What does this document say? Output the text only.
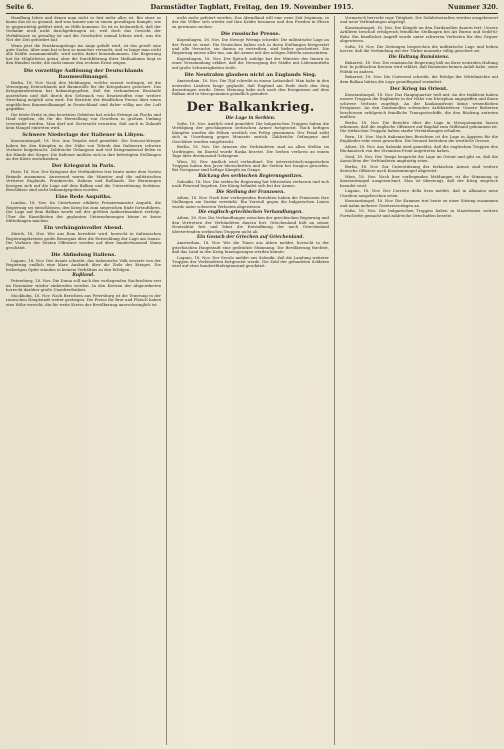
Seite 6.	Darmstädter Tagblatt, Freitag, den 19. November 1915.	Nummer 320.

Handlung leben und denen man nicht so fast mehr alles ist. Bei einer so kaum das ist so gesund, und was konnte uns in einem gewaltigen Kampfe, wie er gegenwärtig geführt wird, zu Hilfe kommen. So ist es bedauerlich, daß der Gedanke noch nicht durchgedrungen ist, weil doch das Gewicht der Verhältnisse so gewaltig ist und die Geschichte einmal lehren wird, was die Not der Zeit gefordert hat.

Wenn jetzt die Ernährungsfrage ins Auge gefaßt wird, ist das gewiß eine gute Sache. Aber man hat schon so manches versucht, und so lange man nicht alle Kräfte zusammenfaßt, wird nichts dabei herauskommen. Die Regierung hat ihr Möglichstes getan, aber die Durchführung ihrer Maßnahmen liegt in den Händen vieler, die nicht immer den rechten Ernst zeigen.

Die vorzeitige Auflösung der Deutschlands Baumwollmangel.

Berlin, 18. Nov. Nach den Meldungen, welche zurzeit vorliegen, ist die Versorgung Deutschlands mit Baumwolle für die Kriegsdauer gesichert. Das Kriegsministerium hat bekanntgegeben, daß die vorhandenen Bestände ausreichen und daß durch den Gebrauch von Ersatzstoffen eine weitere Streckung möglich sein wird. Die Berichte der feindlichen Presse über einen angeblichen Baumwollmangel in Deutschland sind daher völlig aus der Luft gegriffen.

Die letzte Ernte in den besetzten Gebieten hat reiche Erträge an Flachs und Hanf ergeben, die für die Herstellung von Geweben in großem Umfang verwendet werden. Man darf mit Zuversicht erwarten, daß auch in Zukunft kein Mangel eintreten wird.

Schwere Niederlage der Italiener in Libyen.

Konstantinopel, 18. Nov. Aus Tripolis wird gemeldet: Die Senussi-Krieger haben bei den Kämpfen in der Nähe von Tobruk den Italienern schwere Verluste beigebracht. Zahlreiche Gefangene und viel Kriegsmaterial fielen in die Hände der Sieger. Die Italiener mußten sich in ihre befestigten Stellungen an der Küste zurückziehen.

Der Kriegsrat in Paris.

Paris, 18. Nov. Der Kriegsrat der Verbündeten trat heute unter dem Vorsitz Briands zusammen. Anwesend waren die Minister und die militärischen Vertreter Englands, Frankreichs, Italiens und Rußlands. Die Beratungen bezogen sich auf die Lage auf dem Balkan und die Unterstützung Serbiens. Beschlüsse sind nicht bekanntgegeben worden.

Eine Rede Asquiths.

London, 18. Nov. Im Unterhause erklärte Premierminister Asquith, die Regierung sei entschlossen, den Krieg bis zum siegreichen Ende fortzuführen. Die Lage auf dem Balkan werde mit der größten Aufmerksamkeit verfolgt. Über die Einzelheiten der geplanten Unternehmungen könne er keine Mitteilungen machen.

Ein verhängnisvoller Abend.

Zürich, 18. Nov. Wie aus Rom berichtet wird, herrscht in italienischen Regierungskreisen große Besorgnis über die Entwicklung der Lage am Isonzo. Die Verluste der letzten Offensive werden auf über hunderttausend Mann geschätzt.

Die Abfindung Italiens.

Lugano, 18. Nov. Der Avanti schreibt, das italienische Volk erwarte von der Regierung endlich eine klare Auskunft über die Ziele des Krieges. Die bisherigen Opfer ständen in keinem Verhältnis zu den Erfolgen.

Rußland.

Petersburg, 18. Nov. Die Duma soll nach den vorliegenden Nachrichten erst im Dezember wieder einberufen werden. In den Kreisen der Abgeordneten herrscht darüber große Unzufriedenheit.

Stockholm, 18. Nov. Nach Berichten aus Petersburg ist die Teuerung in der russischen Hauptstadt weiter gestiegen. Die Preise für Brot und Fleisch haben eine Höhe erreicht, die für weite Kreise der Bevölkerung unerschwinglich ist.

nicht mehr gefeiert werden. Das Abendland will eine neue Zeit beginnen, in der die Völker sich wieder auf ihre Kräfte besinnen und den Frieden in Ehren zu gewinnen suchen.

Die russische Presse.

Kopenhagen, 18. Nov. Die Nowoje Wremja schreibt: Die militärische Lage an der Front ist ernst. Die Deutschen haben sich in ihren Stellungen festgesetzt und alle Versuche, sie daraus zu vertreiben, sind bisher gescheitert. Die Regierung müsse alles tun, um die Armee mit den nötigen Mitteln auszustatten.

Kopenhagen, 18. Nov. Der Rjetsch zufolge hat der Minister des Innern in einer Versammlung erklärt, daß die Versorgung der Städte mit Lebensmitteln auf große Schwierigkeiten stoße.

Die Neutralen glauben nicht an Englands Sieg.

Amsterdam, 18. Nov. Die Tijd schreibt in einem Leitartikel: Man habe in den neutralen Ländern lange geglaubt, daß England am Ende doch den Sieg davontragen werde. Diese Meinung habe sich nach den Ereignissen auf dem Balkan und in Mesopotamien gründlich geändert.

Der Balkankrieg.
Die Lage in Serbien.

Sofia, 18. Nov. Amtlich wird gemeldet: Die bulgarischen Truppen haben die Verfolgung der geschlagenen serbischen Armee fortgesetzt. Nach heftigen Kämpfen wurden die Höhen westlich von Prilep genommen. Der Feind zieht sich in Unordnung gegen Monastir zurück. Zahlreiche Gefangene und Geschütze wurden eingebracht.

Berlin, 18. Nov. Die Armeen der Verbündeten sind an allen Stellen im Vordringen. Im Ibartal wurde Raska besetzt. Die Serben verloren an einem Tage über dreitausend Gefangene.

Wien, 18. Nov. Amtlich wird verlautbart: Die österreichisch-ungarischen Truppen haben den Javor überschritten und die Serben bei Ivanjica geworfen. Bei Novipazar sind heftige Kämpfe im Gange.

Rückzug des serbischen Regierungssitzes.

Saloniki, 18. Nov. Die serbische Regierung hat Mitrowitza verlassen und sich nach Prisrend begeben. Der König befindet sich bei der Armee.

Die Stellung der Franzosen.

Athen, 18. Nov. Nach hier vorliegenden Berichten haben die Franzosen ihre Stellungen am Vardar verstärkt. Ein Vorstoß gegen die bulgarischen Linien wurde unter schweren Verlusten abgewiesen.

Die englisch-griechischen Verhandlungen.

Athen, 18. Nov. Die Verhandlungen zwischen der griechischen Regierung und den Vertretern der Verbündeten dauern fort. Griechenland hält an seiner Neutralität fest und lehnt die Entwaffnung der nach Griechenland übertretenden serbischen Truppen nicht ab.

Ein Gesuch der Griechen auf Griechenland.

Amsterdam, 18. Nov. Wie die Times aus Athen meldet, herrscht in der griechischen Hauptstadt eine gedrückte Stimmung. Die Bevölkerung fürchtet, daß das Land in den Krieg hineingezogen werden könnte.

Lugano, 18. Nov. Der Secolo meldet aus Saloniki, daß die Landung weiterer Truppen der Verbündeten fortgesetzt werde. Die Zahl der gelandeten Soldaten wird auf etwa hundertfünfzigtausend geschätzt.

Vormarsch herrscht rege Tätigkeit. Die Zufahrtsstraßen werden ausgebessert und neue Verbindungen angelegt.

Konstantinopel, 18. Nov. Die Kämpfe an den Dardanellen dauern fort. Unsere Artillerie beschoß erfolgreich feindliche Stellungen bei Ari Burnu und Sedd-ül-Bahr. Ein feindlicher Angriff wurde unter schweren Verlusten für den Gegner abgewiesen.

Sofia, 18. Nov. Die Zeitungen besprechen die militärische Lage und heben hervor, daß die Verbindung mit der Türkei nunmehr völlig gesichert sei.

Die Haltung Rumäniens.

Bukarest, 18. Nov. Die rumänische Regierung hält an ihrer neutralen Haltung fest. In politischen Kreisen wird erklärt, daß Rumänien keinen Anlaß habe, seine Politik zu ändern.

Bukarest, 18. Nov. Die Universul schreibt, die Erfolge der Mittelmächte auf dem Balkan hätten die Lage grundlegend verändert.

Der Krieg im Orient.

Konstantinopel, 18. Nov. Das Hauptquartier teilt mit: An der Irakfront haben unsere Truppen die Engländer in der Nähe von Ktesiphon angegriffen und ihnen schwere Verluste zugefügt. An der Kaukasusfront keine wesentlichen Ereignisse. An den Dardanellen schwaches Artilleriefeuer. Unsere Batterien beschossen erfolgreich feindliche Transportschiffe, die den Rückzug antreten mußten.

Berlin, 18. Nov. Die Berichte über die Lage in Mesopotamien lassen erkennen, daß die englische Offensive auf Bagdad zum Stillstand gekommen ist. Die türkischen Truppen haben starke Verstärkungen erhalten.

Bern, 18. Nov. Nach italienischen Berichten ist die Lage in Ägypten für die Engländer sehr ernst geworden. Die Senussi bedrohen die westliche Grenze.

Athen, 18. Nov. Aus Saloniki wird gemeldet, daß die englischen Truppen den Rückmarsch von der Strumitza-Front angetreten haben.

Genf, 18. Nov. Der Temps bespricht die Lage im Orient und gibt zu, daß die Aussichten der Verbündeten ungünstig seien.

Berlin, 18. Nov. Zur Unterstützung der türkischen Armee sind weitere deutsche Offiziere nach Konstantinopel abgereist.

Wien, 18. Nov. Nach hier vorliegenden Meldungen ist die Stimmung in Konstantinopel ausgezeichnet. Man ist überzeugt, daß der Krieg siegreich beendet wird.

Lugano, 18. Nov. Der Corriere della Sera meldet, daß in Albanien neue Unruhen ausgebrochen seien.

Konstantinopel, 18. Nov. Die Kammer trat heute zu einer Sitzung zusammen und nahm mehrere Gesetzesvorlagen an.

Sofia, 18. Nov. Die bulgarischen Truppen haben in Mazedonien weitere Fortschritte gemacht und zahlreiche Ortschaften besetzt.
